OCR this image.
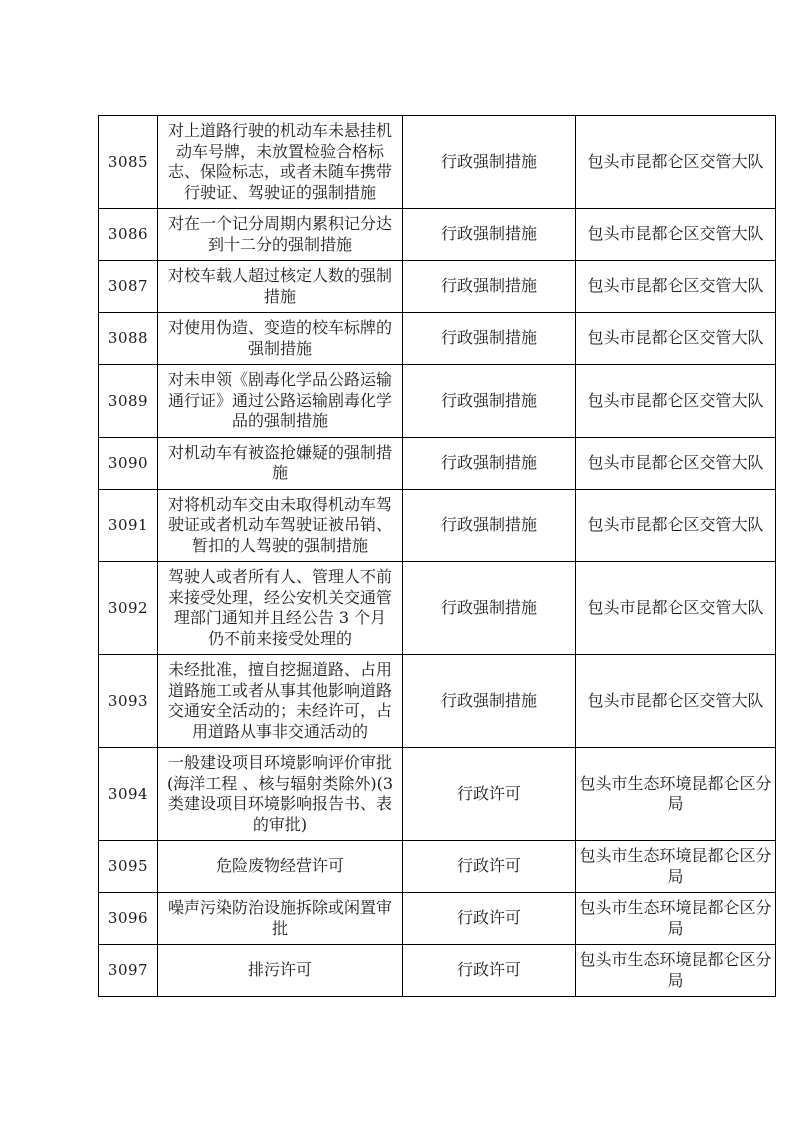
3085	对上道路行驶的机动车未悬挂机动车号牌，未放置检验合格标志、保险标志，或者未随车携带行驶证、驾驶证的强制措施	行政强制措施	包头市昆都仑区交管大队
3086	对在一个记分周期内累积记分达到十二分的强制措施	行政强制措施	包头市昆都仑区交管大队
3087	对校车载人超过核定人数的强制措施	行政强制措施	包头市昆都仑区交管大队
3088	对使用伪造、变造的校车标牌的强制措施	行政强制措施	包头市昆都仑区交管大队
3089	对未申领《剧毒化学品公路运输通行证》通过公路运输剧毒化学品的强制措施	行政强制措施	包头市昆都仑区交管大队
3090	对机动车有被盗抢嫌疑的强制措施	行政强制措施	包头市昆都仑区交管大队
3091	对将机动车交由未取得机动车驾驶证或者机动车驾驶证被吊销、暂扣的人驾驶的强制措施	行政强制措施	包头市昆都仑区交管大队
3092	驾驶人或者所有人、管理人不前来接受处理，经公安机关交通管理部门通知并且经公告 3 个月仍不前来接受处理的	行政强制措施	包头市昆都仑区交管大队
3093	未经批准，擅自挖掘道路、占用道路施工或者从事其他影响道路交通安全活动的；未经许可，占用道路从事非交通活动的	行政强制措施	包头市昆都仑区交管大队
3094	一般建设项目环境影响评价审批(海洋工程 、核与辐射类除外)(3 类建设项目环境影响报告书、表的审批)	行政许可	包头市生态环境昆都仑区分局
3095	危险废物经营许可	行政许可	包头市生态环境昆都仑区分局
3096	噪声污染防治设施拆除或闲置审批	行政许可	包头市生态环境昆都仑区分局
3097	排污许可	行政许可	包头市生态环境昆都仑区分局
